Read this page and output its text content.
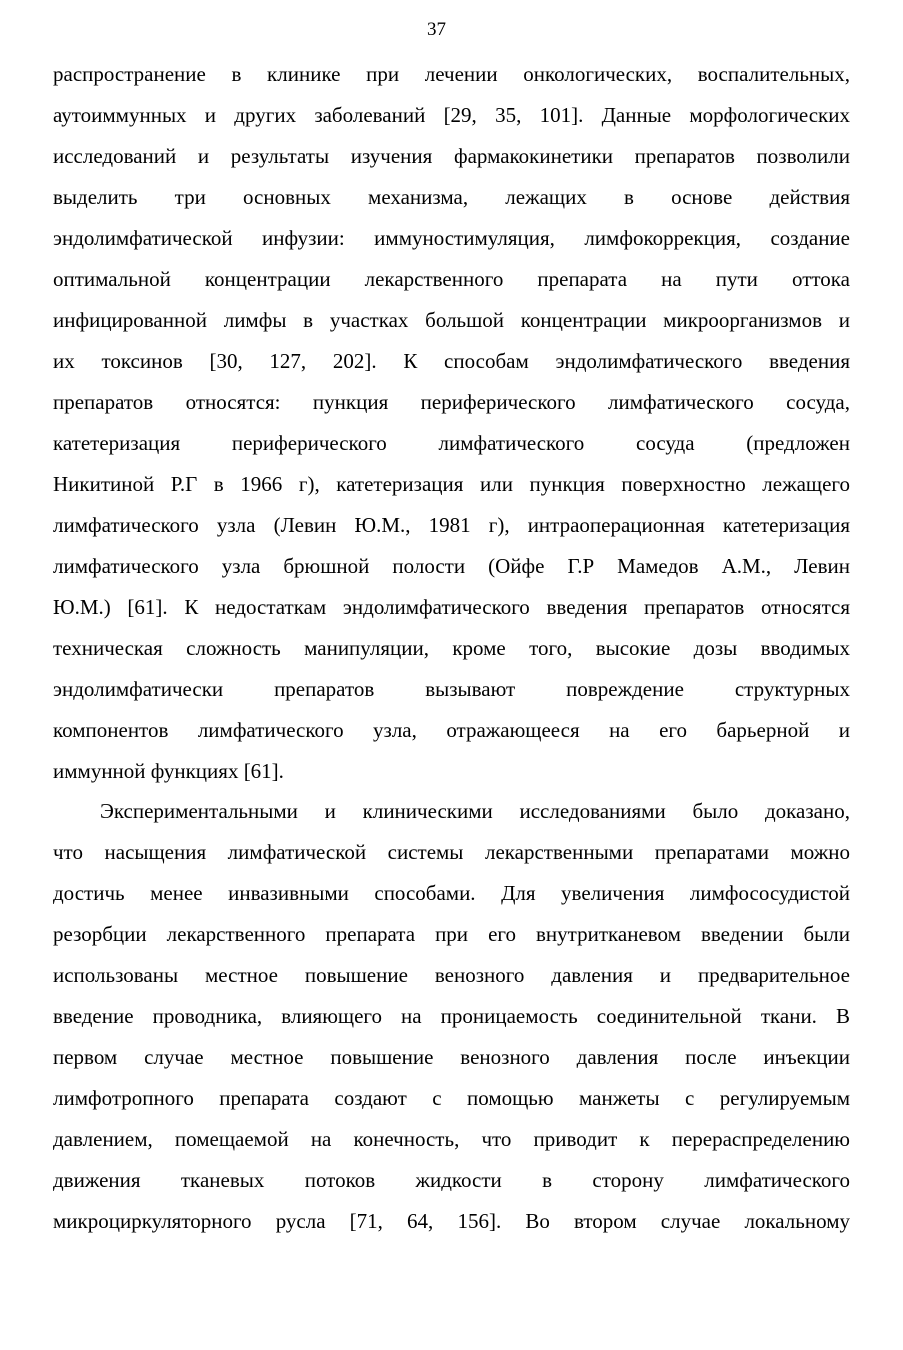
37
распространение в клинике при лечении онкологических, воспалительных,
аутоиммунных и других заболеваний [29, 35, 101]. Данные морфологических
исследований и результаты изучения фармакокинетики препаратов позволили
выделить три основных механизма, лежащих в основе действия
эндолимфатической инфузии: иммуностимуляция, лимфокоррекция, создание
оптимальной концентрации лекарственного препарата на пути оттока
инфицированной лимфы в участках большой концентрации микроорганизмов и
их токсинов [30, 127, 202]. К способам эндолимфатического введения
препаратов относятся: пункция периферического лимфатического сосуда,
катетеризация периферического лимфатического сосуда (предложен
Никитиной Р.Г в 1966 г), катетеризация или пункция поверхностно лежащего
лимфатического узла (Левин Ю.М., 1981 г), интраоперационная катетеризация
лимфатического узла брюшной полости (Ойфе Г.Р Мамедов А.М., Левин
Ю.М.) [61]. К недостаткам эндолимфатического введения препаратов относятся
техническая сложность манипуляции, кроме того, высокие дозы вводимых
эндолимфатически препаратов вызывают повреждение структурных
компонентов лимфатического узла, отражающееся на его барьерной и
иммунной функциях [61].
Экспериментальными и клиническими исследованиями было доказано,
что насыщения лимфатической системы лекарственными препаратами можно
достичь менее инвазивными способами. Для увеличения лимфососудистой
резорбции лекарственного препарата при его внутритканевом введении были
использованы местное повышение венозного давления и предварительное
введение проводника, влияющего на проницаемость соединительной ткани. В
первом случае местное повышение венозного давления после инъекции
лимфотропного препарата создают с помощью манжеты с регулируемым
давлением, помещаемой на конечность, что приводит к перераспределению
движения тканевых потоков жидкости в сторону лимфатического
микроциркуляторного русла [71, 64, 156]. Во втором случае локальному
